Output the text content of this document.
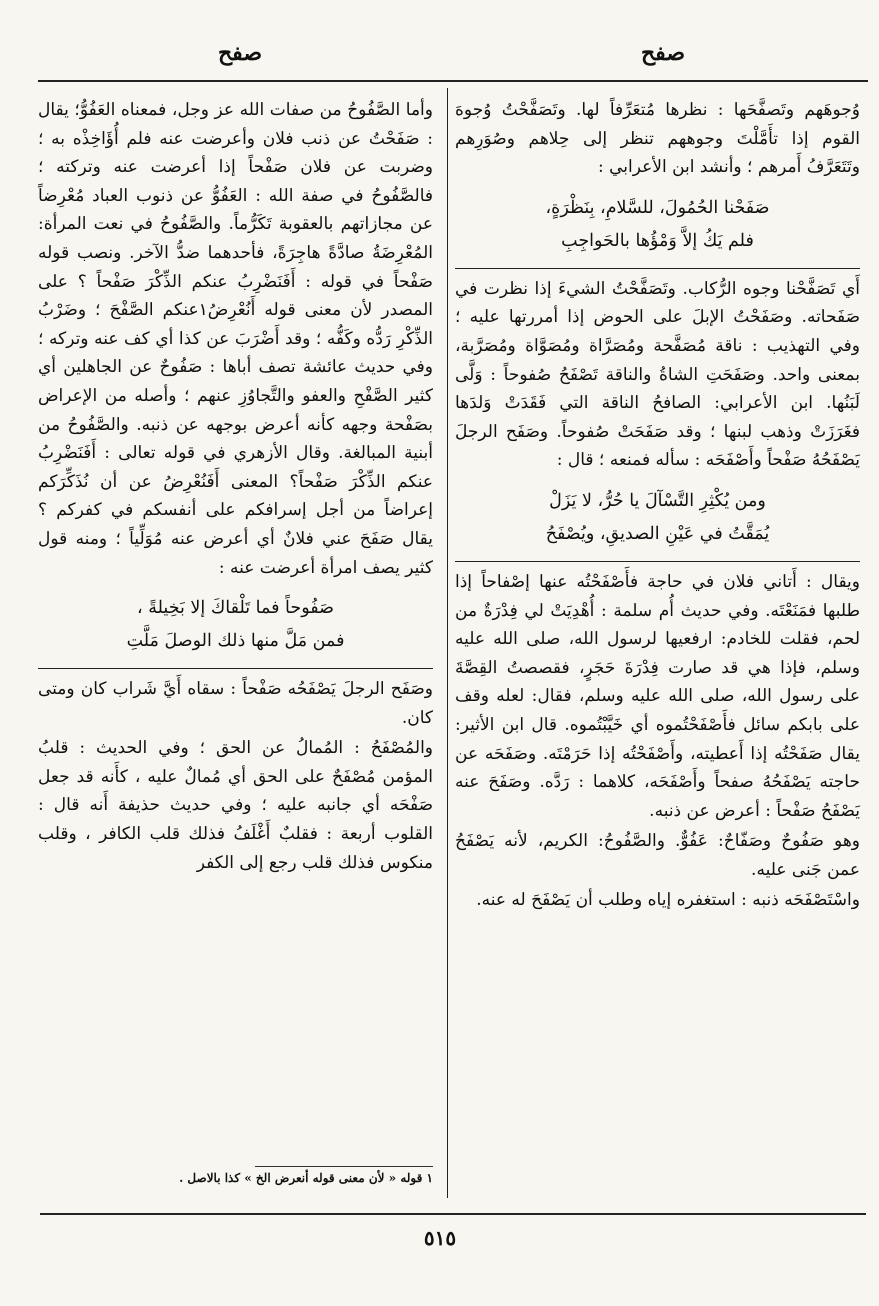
صفح
صفح

وُجوهَهم وتَصفَّحَها : نظرها مُتعَرِّفاً لها. وتَصَفَّحْتُ وُجوهَ القوم إذا تأَمَّلْتَ وجوههم تنظر إلى حِلاهم وصُوَرِهم وتَتَعَرَّفُ أَمرهم ؛ وأنشد ابن الأعرابي :

صَفَحْنا الحُمُولَ، للسَّلامِ، بِنَظْرَةٍ،
فلم يَكُ إلاَّ وَمْؤُها بالحَواجِبِ

أَي تَصَفَّحْنا وجوه الرُّكاب. وتَصَفَّحْتُ الشيءَ إذا نظرت في صَفَحاته. وصَفَحْتُ الإبلَ على الحوض إذا أمررتها عليه ؛ وفي التهذيب : ناقة مُصَفَّحة ومُصَرَّاة ومُصَوَّاة ومُصَرَّبة، بمعنى واحد. وصَفَحَتِ الشاةُ والناقة تَصْفَحُ صُفوحاً : وَلَّى لَبَنُها. ابن الأعرابي: الصافحُ الناقة التي فَقَدَتْ وَلدَها فغَرَزَتْ وذهب لبنها ؛ وقد صَفَحَتْ صُفوحاً. وصَفَح الرجلَ يَصْفَحُهُ صَفْحاً وأَصْفَحَه : سأله فمنعه ؛ قال :

ومن يُكْثِرِ التَّسْآلَ يا حُرُّ، لا يَزَلْ
يُمَقَّتُ في عَيْنِ الصديقِ، ويُصْفَحُ

ويقال : أَتاني فلان في حاجة فأَصْفَحْتُه عنها إصْفاحاً إذا طلبها فمَنَعْتَه. وفي حديث أُم سلمة : أُهْدِيَتْ لي فِدْرَةٌ من لحم، فقلت للخادم: ارفعيها لرسول الله، صلى الله عليه وسلم، فإذا هي قد صارت فِدْرَةَ حَجَرٍ، فقصصتُ القِصَّةَ على رسول الله، صلى الله عليه وسلم، فقال: لعله وقف على بابكم سائل فأَصْفَحْتُموه أي خَيَّبْتُموه. قال ابن الأثير: يقال صَفَحْتُه إذا أَعطيته، وأَصْفَحْتُه إذا حَرَمْتَه. وصَفَحَه عن حاجته يَصْفَحُهُ صفحاً وأَصْفَحَه، كلاهما : رَدَّه. وصَفَحَ عنه يَصْفَحُ صَفْحاً : أعرض عن ذنبه.

وهو صَفُوحٌ وصَفّاحٌ: عَفُوٌّ. والصَّفُوحُ: الكريم، لأنه يَصْفَحُ عمن جَنى عليه.

واسْتَصْفَحَه ذنبه : استغفره إياه وطلب أن يَصْفَحَ له عنه.

وأما الصَّفُوحُ من صفات الله عز وجل، فمعناه العَفُوُّ؛ يقال : صَفَحْتُ عن ذنب فلان وأعرضت عنه فلم أُؤَاخِذْه به ؛ وضربت عن فلان صَفْحاً إذا أعرضت عنه وتركته ؛ فالصَّفُوحُ في صفة الله : العَفُوُّ عن ذنوب العباد مُعْرِضاً عن مجازاتهم بالعقوبة تَكَرُّماً. والصَّفُوحُ في نعت المرأة: المُعْرِضَةُ صادَّةً هاجِرَةً، فأحدهما ضدُّ الآخر. ونصب قوله صَفْحاً في قوله : أَفَنَضْرِبُ عنكم الذِّكْرَ صَفْحاً ؟ على المصدر لأن معنى قوله أَنُعْرِضُ١عنكم الصَّفْحَ ؛ وضَرْبُ الذِّكْرِ رَدُّه وكَفُّه ؛ وقد أَضْرَبَ عن كذا أي كف عنه وتركه ؛ وفي حديث عائشة تصف أباها : صَفُوحٌ عن الجاهلين أي كثير الصَّفْحِ والعفو والتَّجاوُزِ عنهم ؛ وأصله من الإعراض بصَفْحة وجهه كأنه أعرض بوجهه عن ذنبه. والصَّفُوحُ من أبنية المبالغة. وقال الأزهري في قوله تعالى : أَفَنَضْرِبُ عنكم الذِّكْرَ صَفْحاً؟ المعنى أَفَنُعْرِضُ عن أن نُذَكِّرَكم إعراضاً من أجل إسرافكم على أنفسكم في كفركم ؟ يقال صَفَحَ عني فلانٌ أي أعرض عنه مُوَلِّياً ؛ ومنه قول كثير يصف امرأة أعرضت عنه :

صَفُوحاً فما تَلْقاكَ إلا بَخِيلةً ،
فمن مَلَّ منها ذلك الوصلَ مَلَّتِ

وصَفَح الرجلَ يَصْفَحُه صَفْحاً : سقاه أَيَّ شَراب كان ومتى كان.

والمُصْفَحُ : المُمالُ عن الحق ؛ وفي الحديث : قلبُ المؤمن مُصْفَحٌ على الحق أي مُمالٌ عليه ، كأَنه قد جعل صَفْحَه أي جانبه عليه ؛ وفي حديث حذيفة أَنه قال : القلوب أربعة : فقلبٌ أَغْلَفُ فذلك قلب الكافر ، وقلب منكوس فذلك قلب رجع إلى الكفر

١ قوله « لأن معنى قوله أنعرض الخ » كذا بالاصل .
٥١٥
